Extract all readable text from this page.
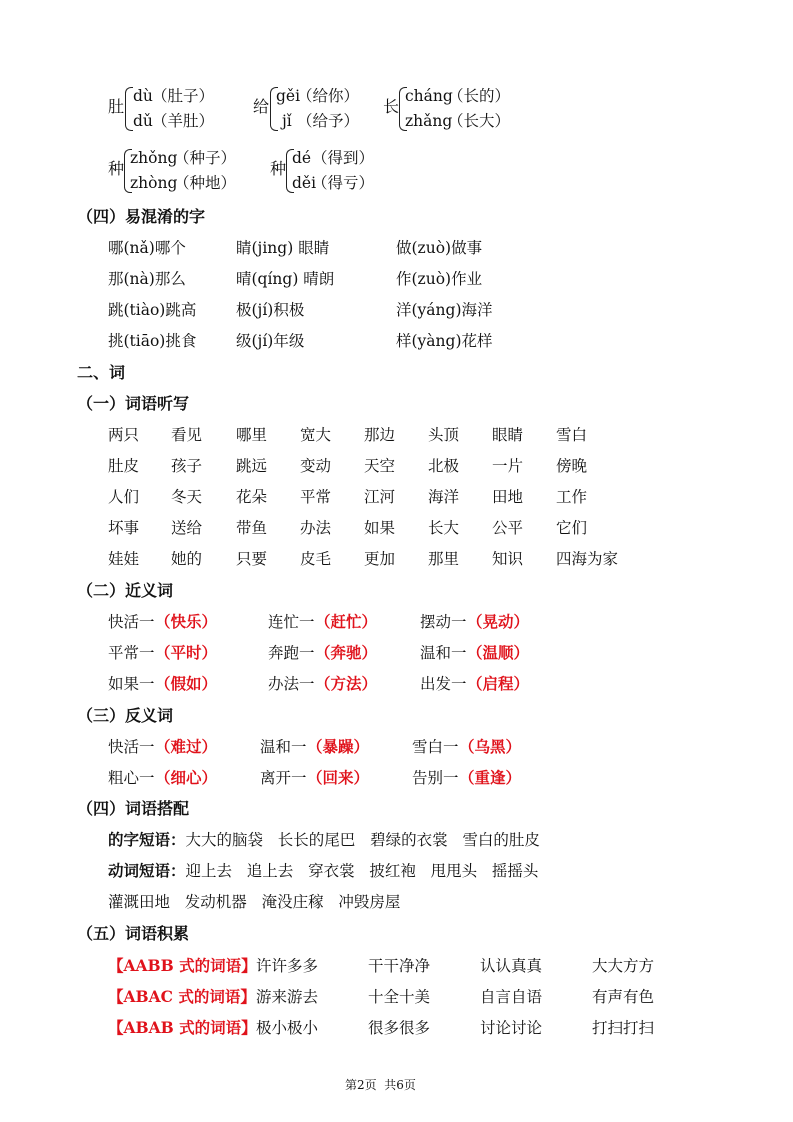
肚
dù （肚子）
dǔ （羊肚）
给
gěi
（给你）
jǐ （给予）
长
cháng
（长的）
zhǎng
（长大）
种
zhǒng
（种子）
zhòng
（种地）
种
dé （得到）
děi
（得亏）
（四）易混淆的字
哪(nǎ)哪个	睛(jing) 眼睛	做(zuò)做事
那(nà)那么	晴(qíng) 晴朗	作(zuò)作业
跳(tiào)跳高	极(jí)积极	洋(yáng)海洋
挑(tiāo)挑食	级(jí)年级	样(yàng)花样
二、词
（一）词语听写
两只 看见 哪里 宽大 那边 头顶 眼睛 雪白
肚皮 孩子 跳远 变动 天空 北极 一片 傍晚
人们 冬天 花朵 平常 江河 海洋 田地 工作
坏事 送给 带鱼 办法 如果 长大 公平 它们
娃娃 她的 只要 皮毛 更加 那里 知识 四海为家
（二）近义词
快活一 （快乐）	连忙一 （赶忙）	摆动一 （晃动）
平常一 （平时）	奔跑一 （奔驰）	温和一 （温顺）
如果一 （假如）	办法一 （方法）	出发一 （启程）
（三）反义词
快活一 （难过）	温和一 （暴躁）	雪白一 （乌黑）
粗心一 （细心）	离开一 （回来）	告别一 （重逢）
（四）词语搭配
的字短语：大大的脑袋   长长的尾巴   碧绿的衣裳   雪白的肚皮
动词短语：迎上去   追上去   穿衣裳   披红袍   甩甩头   摇摇头
灌溉田地   发动机器   淹没庄稼   冲毁房屋
（五）词语积累
【AABB 式的词语】 许许多多	干干净净	认认真真	大大方方
【ABAC 式的词语】 游来游去	十全十美	自言自语	有声有色
【ABAB 式的词语】 极小极小	很多很多	讨论讨论	打扫打扫
第2页  共6页
